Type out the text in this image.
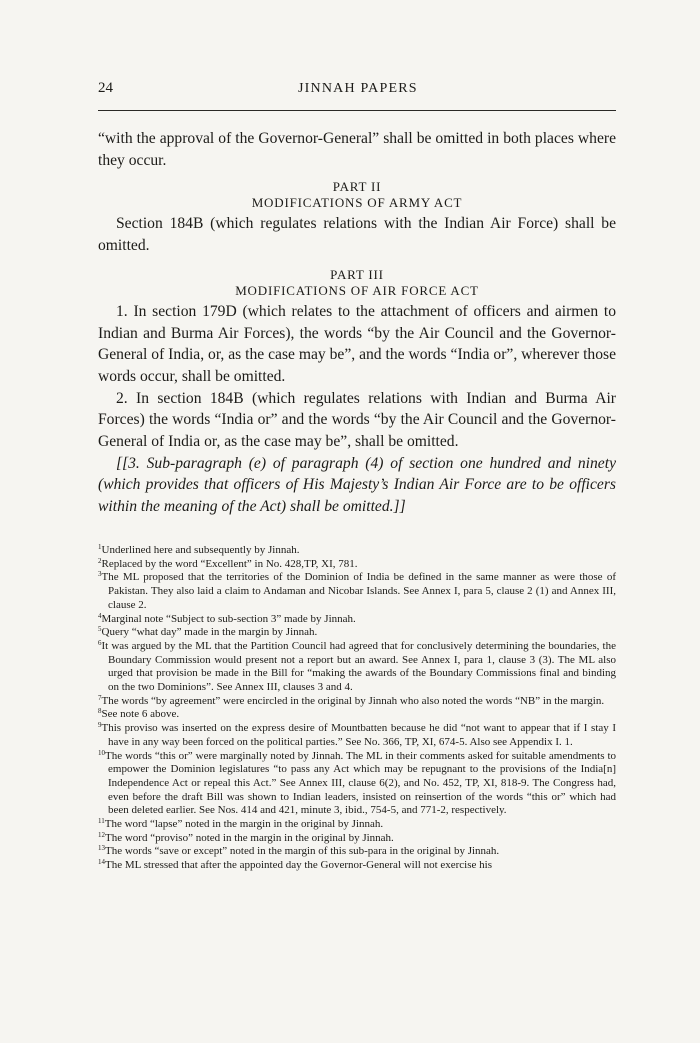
24	JINNAH PAPERS

“with the approval of the Governor-General” shall be omitted in both places where they occur.

PART II

MODIFICATIONS OF ARMY ACT

Section 184B (which regulates relations with the Indian Air Force) shall be omitted.

PART III

MODIFICATIONS OF AIR FORCE ACT

1. In section 179D (which relates to the attachment of officers and airmen to Indian and Burma Air Forces), the words “by the Air Council and the Governor-General of India, or, as the case may be”, and the words “India or”, wherever those words occur, shall be omitted.

2. In section 184B (which regulates relations with Indian and Burma Air Forces) the words “India or” and the words “by the Air Council and the Governor-General of India or, as the case may be”, shall be omitted.

[[3. Sub-paragraph (e) of paragraph (4) of section one hundred and ninety (which provides that officers of His Majesty’s Indian Air Force are to be officers within the meaning of the Act) shall be omitted.]]

$^1$Underlined here and subsequently by Jinnah.

$^2$Replaced by the word “Excellent” in No. 428,TP, XI, 781.

$^3$The ML proposed that the territories of the Dominion of India be defined in the same manner as were those of Pakistan. They also laid a claim to Andaman and Nicobar Islands. See Annex I, para 5, clause 2 (1) and Annex III, clause 2.

$^4$Marginal note “Subject to sub-section 3” made by Jinnah.

$^5$Query “what day” made in the margin by Jinnah.

$^6$It was argued by the ML that the Partition Council had agreed that for conclusively determining the boundaries, the Boundary Commission would present not a report but an award. See Annex I, para 1, clause 3 (3). The ML also urged that provision be made in the Bill for “making the awards of the Boundary Commissions final and binding on the two Dominions”. See Annex III, clauses 3 and 4.

$^7$The words “by agreement” were encircled in the original by Jinnah who also noted the words “NB” in the margin.

$^8$See note 6 above.

$^9$This proviso was inserted on the express desire of Mountbatten because he did “not want to appear that if I stay I have in any way been forced on the political parties.” See No. 366, TP, XI, 674-5. Also see Appendix I. 1.

$^{10}$The words “this or” were marginally noted by Jinnah. The ML in their comments asked for suitable amendments to empower the Dominion legislatures “to pass any Act which may be repugnant to the provisions of the India[n] Independence Act or repeal this Act.” See Annex III, clause 6(2), and No. 452, TP, XI, 818-9. The Congress had, even before the draft Bill was shown to Indian leaders, insisted on reinsertion of the words “this or” which had been deleted earlier. See Nos. 414 and 421, minute 3, ibid., 754-5, and 771-2, respectively.

$^{11}$The word “lapse” noted in the margin in the original by Jinnah.

$^{12}$The word “proviso” noted in the margin in the original by Jinnah.

$^{13}$The words “save or except” noted in the margin of this sub-para in the original by Jinnah.

$^{14}$The ML stressed that after the appointed day the Governor-General will not exercise his
